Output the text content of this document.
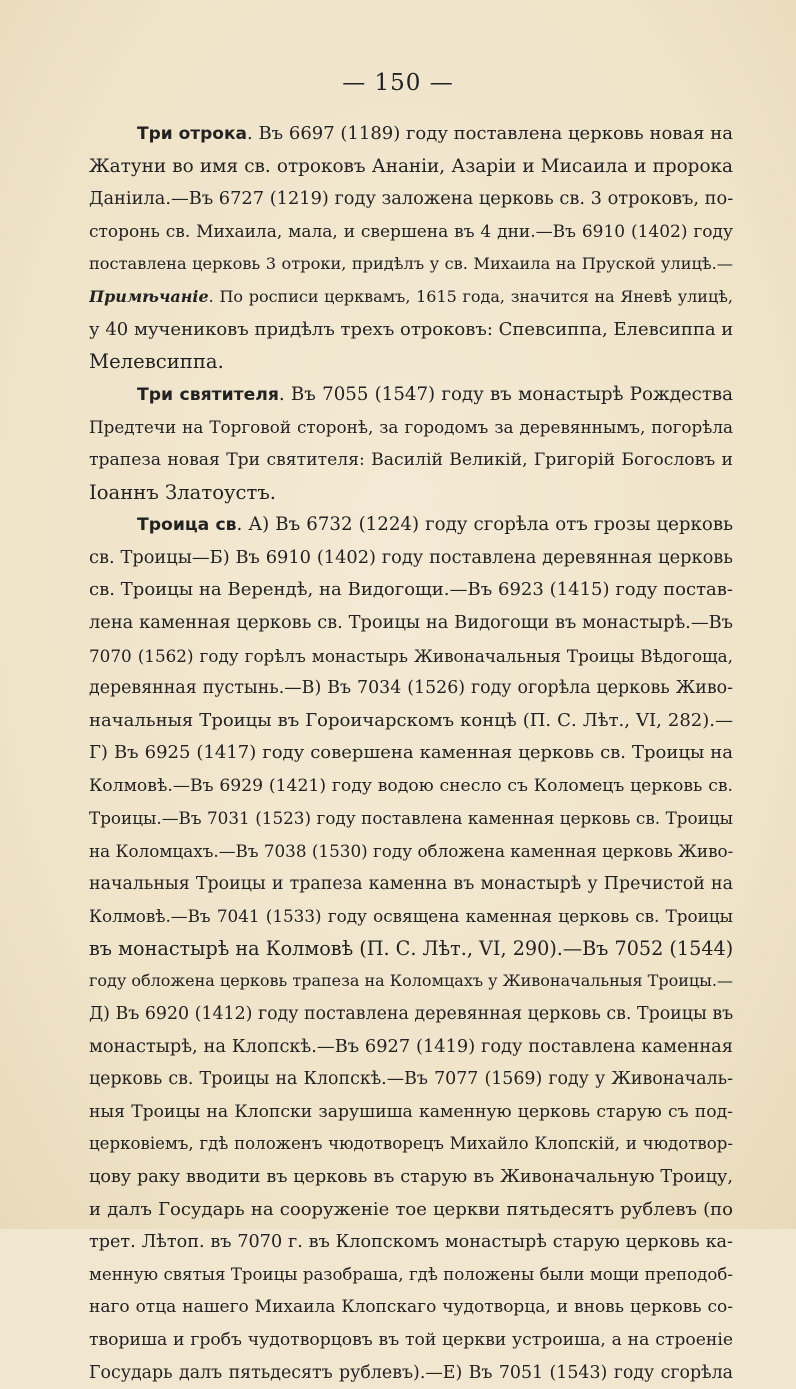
— 150 —
Три отрока. Въ 6697 (1189) году поставлена церковь новая на
Жатуни во имя св. отроковъ Ананіи, Азаріи и Мисаила и пророка
Даніила.—Въ 6727 (1219) году заложена церковь св. 3 отроковъ, по-
сторонь св. Михаила, мала, и свершена въ 4 дни.—Въ 6910 (1402) году
поставлена церковь 3 отроки, придѣлъ у св. Михаила на Пруской улицѣ.—
Примѣчаніе. По росписи церквамъ, 1615 года, значится на Яневѣ улицѣ,
у 40 мучениковъ придѣлъ трехъ отроковъ: Спевсиппа, Елевсиппа и
Мелевсиппа.
Три святителя. Въ 7055 (1547) году въ монастырѣ Рождества
Предтечи на Торговой сторонѣ, за городомъ за деревяннымъ, погорѣла
трапеза новая Три святителя: Василій Великій, Григорій Богословъ и
Іоаннъ Златоустъ.
Троица св. А) Въ 6732 (1224) году сгорѣла отъ грозы церковь
св. Троицы—Б) Въ 6910 (1402) году поставлена деревянная церковь
св. Троицы на Верендѣ, на Видогощи.—Въ 6923 (1415) году постав-
лена каменная церковь св. Троицы на Видогощи въ монастырѣ.—Въ
7070 (1562) году горѣлъ монастырь Живоначальныя Троицы Вѣдогоща,
деревянная пустынь.—В) Въ 7034 (1526) году огорѣла церковь Живо-
начальныя Троицы въ Гороичарскомъ концѣ (П. С. Лѣт., VI, 282).—
Г) Въ 6925 (1417) году совершена каменная церковь св. Троицы на
Колмовѣ.—Въ 6929 (1421) году водою снесло съ Коломецъ церковь св.
Троицы.—Въ 7031 (1523) году поставлена каменная церковь св. Троицы
на Коломцахъ.—Въ 7038 (1530) году обложена каменная церковь Живо-
начальныя Троицы и трапеза каменна въ монастырѣ у Пречистой на
Колмовѣ.—Въ 7041 (1533) году освящена каменная церковь св. Троицы
въ монастырѣ на Колмовѣ (П. С. Лѣт., VI, 290).—Въ 7052 (1544)
году обложена церковь трапеза на Коломцахъ у Живоначальныя Троицы.—
Д) Въ 6920 (1412) году поставлена деревянная церковь св. Троицы въ
монастырѣ, на Клопскѣ.—Въ 6927 (1419) году поставлена каменная
церковь св. Троицы на Клопскѣ.—Въ 7077 (1569) году у Живоначаль-
ныя Троицы на Клопски зарушиша каменную церковь старую съ под-
церковіемъ, гдѣ положенъ чюдотворецъ Михайло Клопскій, и чюдотвор-
цову раку вводити въ церковь въ старую въ Живоначальную Троицу,
и далъ Государь на сооруженіе тое церкви пятьдесятъ рублевъ (по
трет. Лѣтоп. въ 7070 г. въ Клопскомъ монастырѣ старую церковь ка-
менную святыя Троицы разобраша, гдѣ положены были мощи преподоб-
наго отца нашего Михаила Клопскаго чудотворца, и вновь церковь со-
твориша и гробъ чудотворцовъ въ той церкви устроиша, а на строеніе
Государь далъ пятьдесятъ рублевъ).—Е) Въ 7051 (1543) году сгорѣла
